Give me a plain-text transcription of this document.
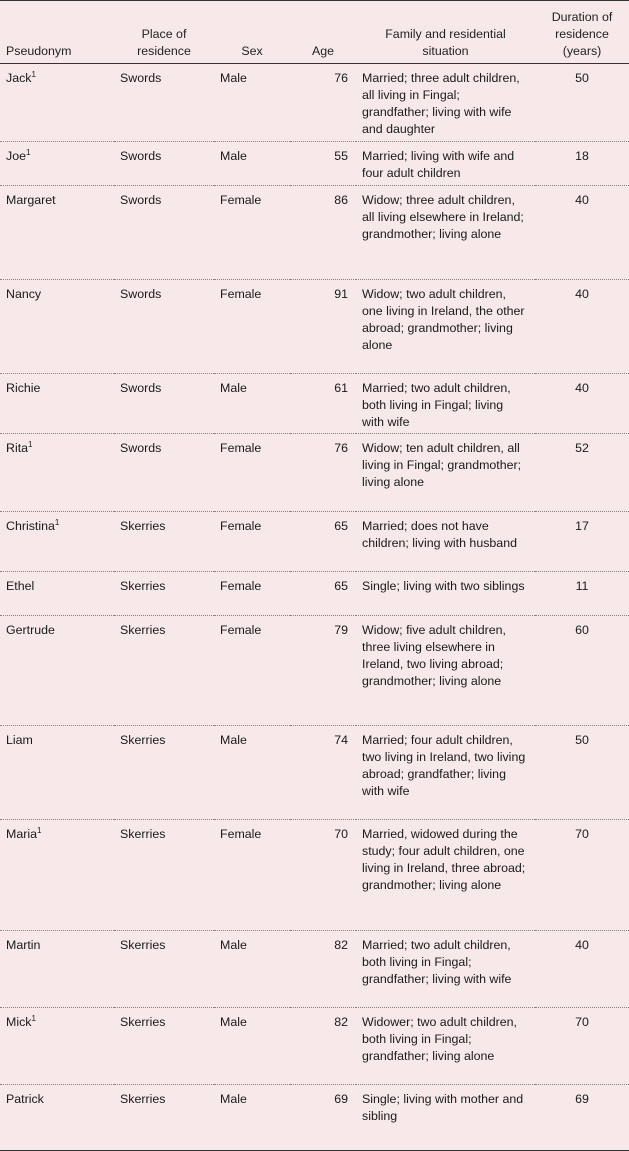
Pseudonym	Place of residence	Sex	Age	Family and residential situation	Duration of residence (years)
Jack$^1$	Swords	Male	76	Married; three adult children, all living in Fingal; grandfather; living with wife and daughter	50
Joe$^1$	Swords	Male	55	Married; living with wife and four adult children	18
Margaret	Swords	Female	86	Widow; three adult children, all living elsewhere in Ireland; grandmother; living alone	40
Nancy	Swords	Female	91	Widow; two adult children, one living in Ireland, the other abroad; grandmother; living alone	40
Richie	Swords	Male	61	Married; two adult children, both living in Fingal; living with wife	40
Rita$^1$	Swords	Female	76	Widow; ten adult children, all living in Fingal; grandmother; living alone	52
Christina$^1$	Skerries	Female	65	Married; does not have children; living with husband	17
Ethel	Skerries	Female	65	Single; living with two siblings	11
Gertrude	Skerries	Female	79	Widow; five adult children, three living elsewhere in Ireland, two living abroad; grandmother; living alone	60
Liam	Skerries	Male	74	Married; four adult children, two living in Ireland, two living abroad; grandfather; living with wife	50
Maria$^1$	Skerries	Female	70	Married, widowed during the study; four adult children, one living in Ireland, three abroad; grandmother; living alone	70
Martin	Skerries	Male	82	Married; two adult children, both living in Fingal; grandfather; living with wife	40
Mick$^1$	Skerries	Male	82	Widower; two adult children, both living in Fingal; grandfather; living alone	70
Patrick	Skerries	Male	69	Single; living with mother and sibling	69
